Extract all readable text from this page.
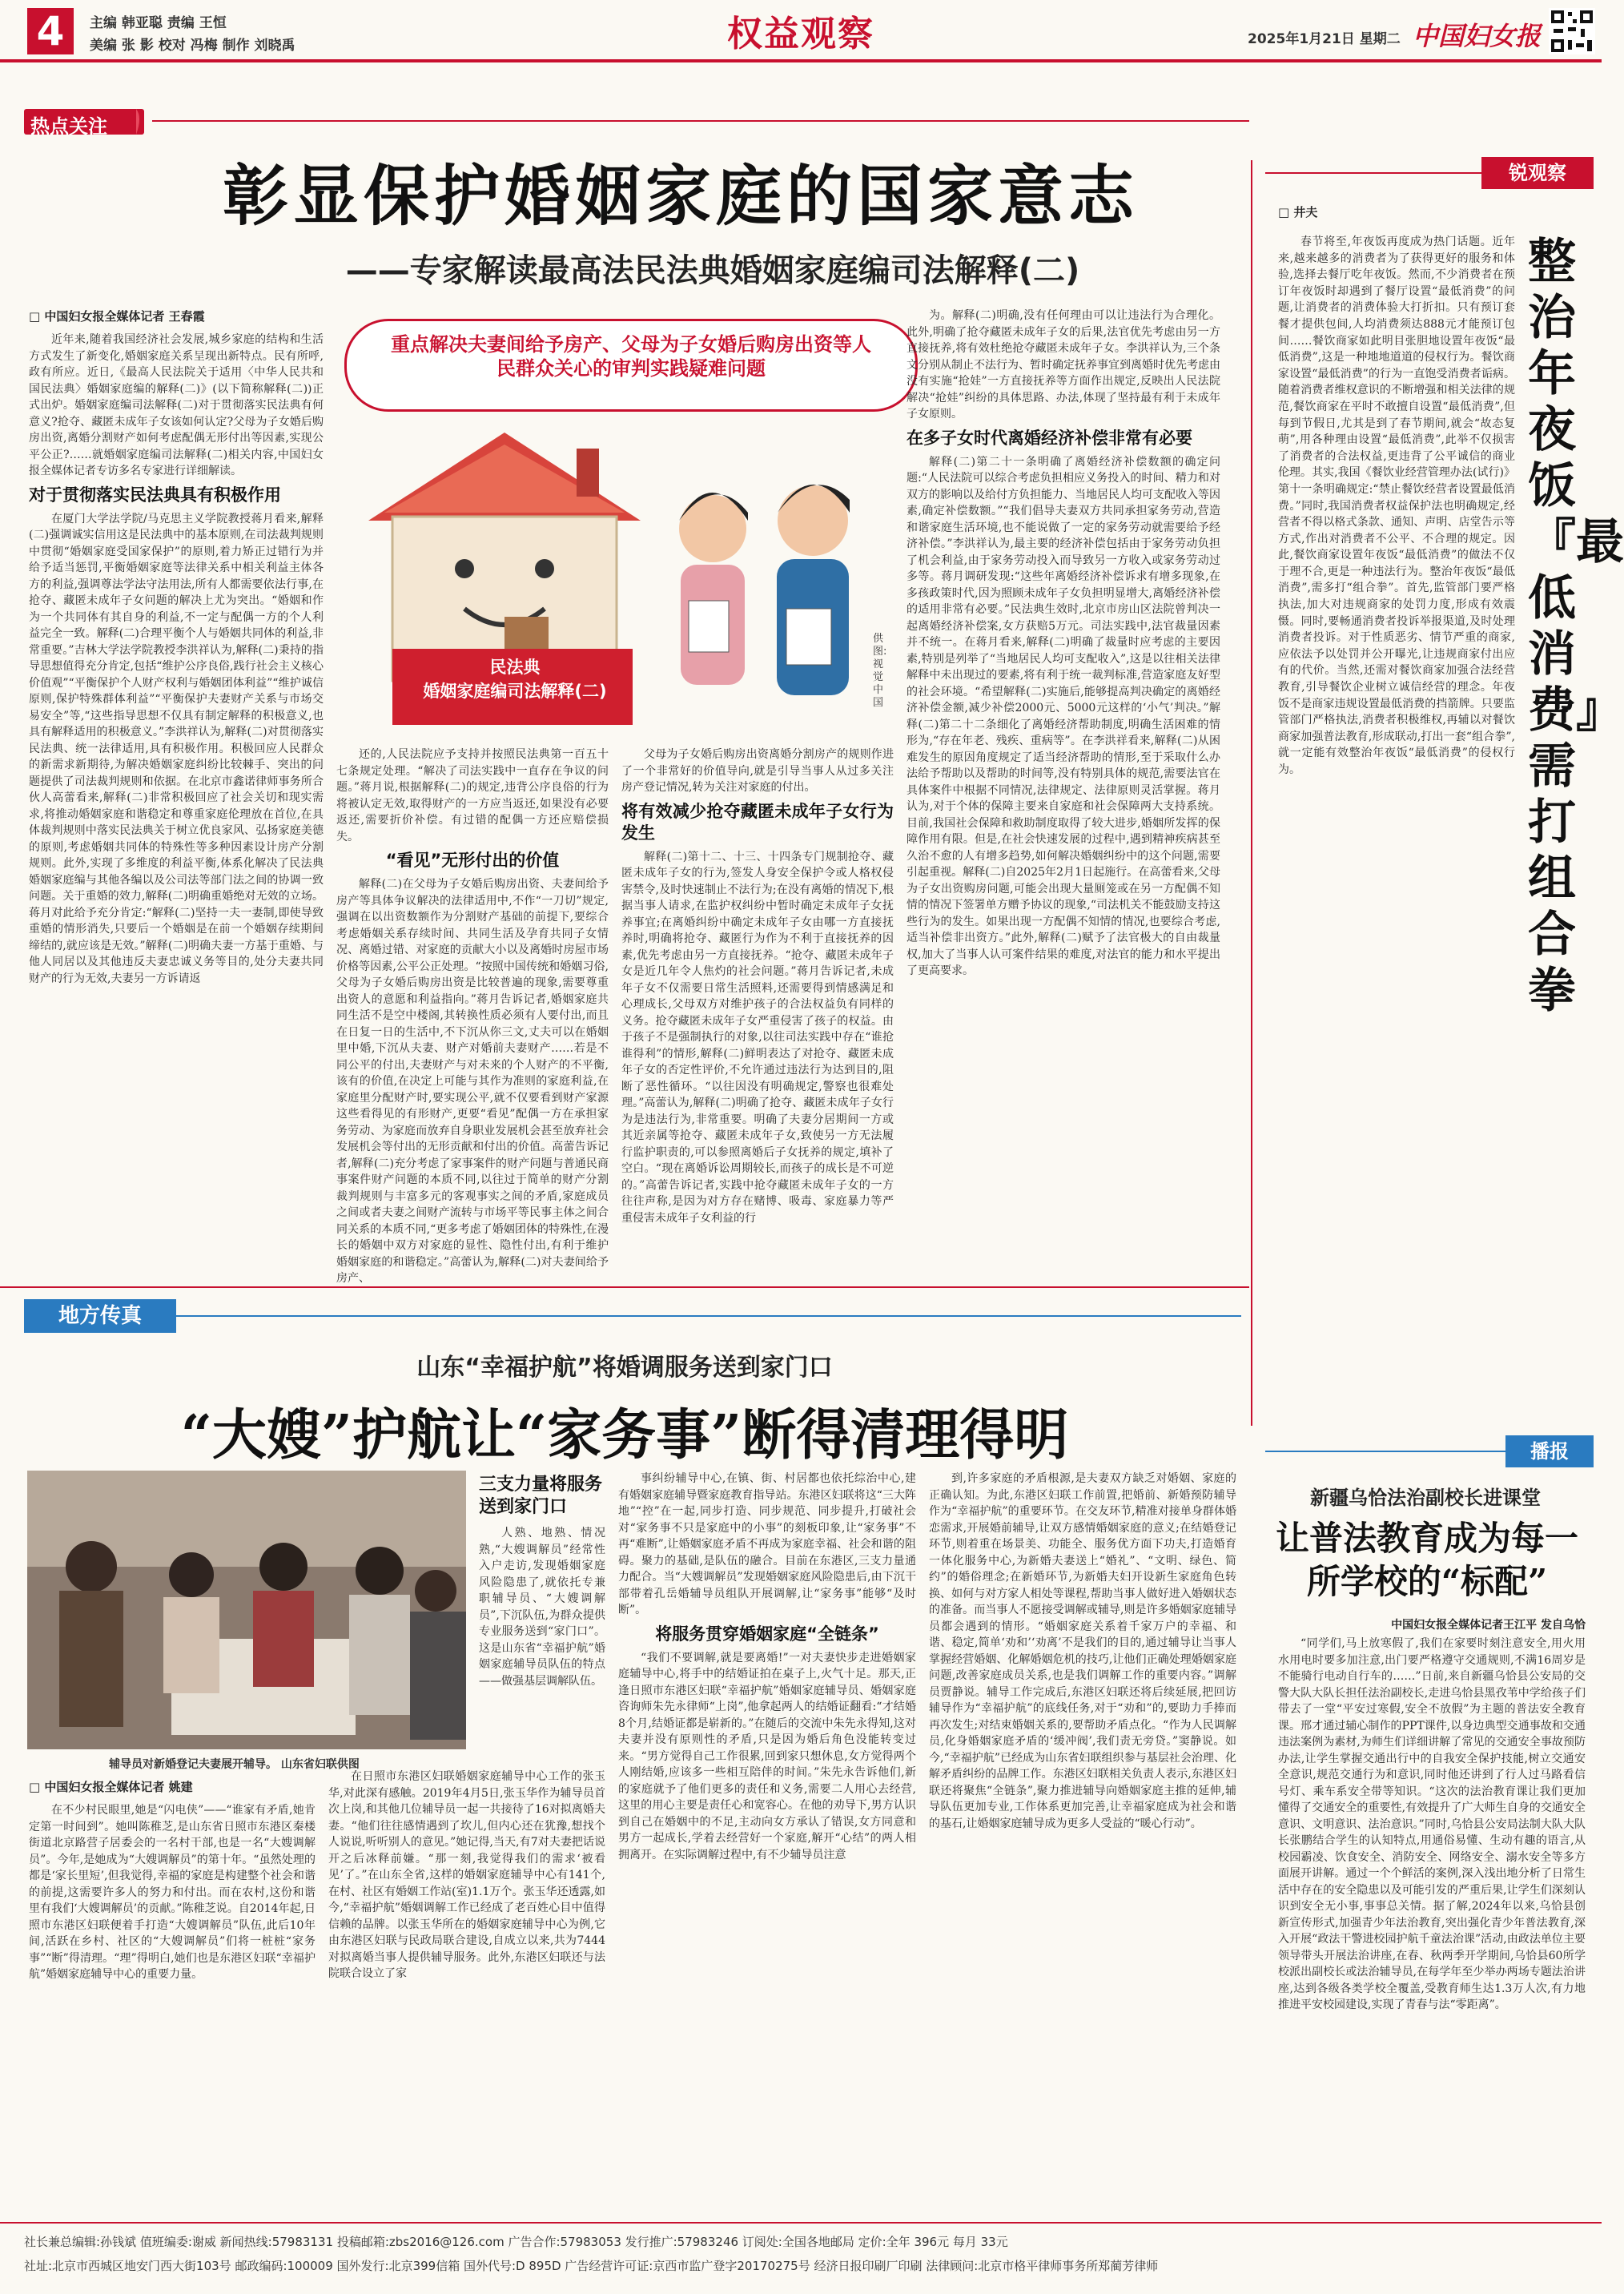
4	主编 韩亚聪 责编 王恒
美编 张 影 校对 冯梅 制作 刘晓禹	权益观察	2025年1月21日 星期二 中国妇女报
热点关注
彰显保护婚姻家庭的国家意志
——专家解读最高法民法典婚姻家庭编司法解释(二)
□ 中国妇女报全媒体记者 王春霞
重点解决夫妻间给予房产、父母为子女婚后购房出资等人民群众关心的审判实践疑难问题
民法典
婚姻家庭编司法解释(二)
供图:视觉中国

近年来,随着我国经济社会发展,城乡家庭的结构和生活方式发生了新变化,婚姻家庭关系呈现出新特点。民有所呼,政有所应。近日,《最高人民法院关于适用〈中华人民共和国民法典〉婚姻家庭编的解释(二)》(以下简称解释(二))正式出炉。婚姻家庭编司法解释(二)对于贯彻落实民法典有何意义?抢夺、藏匿未成年子女该如何认定?父母为子女婚后购房出资,离婚分割财产如何考虑配偶无形付出等因素,实现公平公正?……就婚姻家庭编司法解释(二)相关内容,中国妇女报全媒体记者专访多名专家进行详细解读。

对于贯彻落实民法典具有积极作用

在厦门大学法学院/马克思主义学院教授蒋月看来,解释(二)强调诚实信用这是民法典中的基本原则,在司法裁判规则中贯彻“婚姻家庭受国家保护”的原则,着力矫正过错行为并给予适当惩罚,平衡婚姻家庭等法律关系中相关利益主体各方的利益,强调尊法学法守法用法,所有人都需要依法行事,在抢夺、藏匿未成年子女问题的解决上尤为突出。“婚姻和作为一个共同体有其自身的利益,不一定与配偶一方的个人利益完全一致。解释(二)合理平衡个人与婚姻共同体的利益,非常重要。”吉林大学法学院教授李洪祥认为,解释(二)秉持的指导思想值得充分肯定,包括“维护公序良俗,践行社会主义核心价值观”“平衡保护个人财产权利与婚姻团体利益”“维护诚信原则,保护特殊群体利益”“平衡保护夫妻财产关系与市场交易安全”等,“这些指导思想不仅具有制定解释的积极意义,也具有解释适用的积极意义。”李洪祥认为,解释(二)对贯彻落实民法典、统一法律适用,具有积极作用。积极回应人民群众的新需求新期待,为解决婚姻家庭纠纷比较棘手、突出的问题提供了司法裁判规则和依据。在北京市鑫诺律师事务所合伙人高蕾看来,解释(二)非常积极回应了社会关切和现实需求,将推动婚姻家庭和谐稳定和尊重家庭伦理放在首位,在具体裁判规则中落实民法典关于树立优良家风、弘扬家庭美德的原则,考虑婚姻共同体的特殊性等多种因素设计房产分割规则。此外,实现了多维度的利益平衡,体系化解决了民法典婚姻家庭编与其他各编以及公司法等部门法之间的协调一致问题。关于重婚的效力,解释(二)明确重婚绝对无效的立场。蒋月对此给予充分肯定:“解释(二)坚持一夫一妻制,即使导致重婚的情形消失,只要后一个婚姻是在前一个婚姻存续期间缔结的,就应该是无效。”解释(二)明确夫妻一方基于重婚、与他人同居以及其他违反夫妻忠诚义务等目的,处分夫妻共同财产的行为无效,夫妻另一方诉请返

还的,人民法院应予支持并按照民法典第一百五十七条规定处理。“解决了司法实践中一直存在争议的问题。”蒋月说,根据解释(二)的规定,违背公序良俗的行为将被认定无效,取得财产的一方应当返还,如果没有必要返还,需要折价补偿。有过错的配偶一方还应赔偿损失。

“看见”无形付出的价值

解释(二)在父母为子女婚后购房出资、夫妻间给予房产等具体争议解决的法律适用中,不作“一刀切”规定,强调在以出资数额作为分割财产基础的前提下,要综合考虑婚姻关系存续时间、共同生活及孕育共同子女情况、离婚过错、对家庭的贡献大小以及离婚时房屋市场价格等因素,公平公正处理。“按照中国传统和婚姻习俗,父母为子女婚后购房出资是比较普遍的现象,需要尊重出资人的意愿和利益指向。”蒋月告诉记者,婚姻家庭共同生活不是空中楼阁,其转换性质必须有人要付出,而且在日复一日的生活中,不下沉从你三文,丈夫可以在婚姻里中婚,下沉从夫妻、财产对婚前夫妻财产……若是不同公平的付出,夫妻财产与对未来的个人财产的不平衡,该有的价值,在决定上可能与其作为准则的家庭利益,在家庭里分配财产时,要实现公平,就不仅要看到财产家源这些看得见的有形财产,更要“看见”配偶一方在承担家务劳动、为家庭而放弃自身职业发展机会甚至放弃社会发展机会等付出的无形贡献和付出的价值。高蕾告诉记者,解释(二)充分考虑了家事案件的财产问题与普通民商事案件财产问题的本质不同,以往过于简单的财产分割裁判规则与丰富多元的客观事实之间的矛盾,家庭成员之间或者夫妻之间财产流转与市场平等民事主体之间合同关系的本质不同,“更多考虑了婚姻团体的特殊性,在漫长的婚姻中双方对家庭的显性、隐性付出,有利于维护婚姻家庭的和谐稳定。”高蕾认为,解释(二)对夫妻间给予房产、

父母为子女婚后购房出资离婚分割房产的规则作进了一个非常好的价值导向,就是引导当事人从过多关注房产登记情况,转为关注对家庭的付出。

将有效减少抢夺藏匿未成年子女行为发生

解释(二)第十二、十三、十四条专门规制抢夺、藏匿未成年子女的行为,签发人身安全保护令或人格权侵害禁令,及时快速制止不法行为;在没有离婚的情况下,根据当事人请求,在监护权纠纷中暂时确定未成年子女抚养事宜;在离婚纠纷中确定未成年子女由哪一方直接抚养时,明确将抢夺、藏匿行为作为不利于直接抚养的因素,优先考虑由另一方直接抚养。“抢夺、藏匿未成年子女是近几年令人焦灼的社会问题。”蒋月告诉记者,未成年子女不仅需要日常生活照料,还需要得到情感满足和心理成长,父母双方对维护孩子的合法权益负有同样的义务。抢夺藏匿未成年子女严重侵害了孩子的权益。由于孩子不是强制执行的对象,以往司法实践中存在“谁抢谁得利”的情形,解释(二)鲜明表达了对抢夺、藏匿未成年子女的否定性评价,不允许通过违法行为达到目的,阻断了恶性循环。“以往因没有明确规定,警察也很难处理。”高蕾认为,解释(二)明确了抢夺、藏匿未成年子女行为是违法行为,非常重要。明确了夫妻分居期间一方或其近亲属等抢夺、藏匿未成年子女,致使另一方无法履行监护职责的,可以参照离婚后子女抚养的规定,填补了空白。“现在离婚诉讼周期较长,而孩子的成长是不可逆的。”高蕾告诉记者,实践中抢夺藏匿未成年子女的一方往往声称,是因为对方存在赌博、吸毒、家庭暴力等严重侵害未成年子女利益的行

为。解释(二)明确,没有任何理由可以让违法行为合理化。此外,明确了抢夺藏匿未成年子女的后果,法官优先考虑由另一方直接抚养,将有效杜绝抢夺藏匿未成年子女。李洪祥认为,三个条文分别从制止不法行为、暂时确定抚养事宜到离婚时优先考虑由没有实施“抢娃”一方直接抚养等方面作出规定,反映出人民法院解决“抢娃”纠纷的具体思路、办法,体现了坚持最有利于未成年子女原则。

在多子女时代离婚经济补偿非常有必要

解释(二)第二十一条明确了离婚经济补偿数额的确定问题:“人民法院可以综合考虑负担相应义务投入的时间、精力和对双方的影响以及给付方负担能力、当地居民人均可支配收入等因素,确定补偿数额。”“我们倡导夫妻双方共同承担家务劳动,营造和谐家庭生活环境,也不能说做了一定的家务劳动就需要给予经济补偿。”李洪祥认为,最主要的经济补偿包括由于家务劳动负担了机会利益,由于家务劳动投入而导致另一方收入或家务劳动过多等。蒋月调研发现:“这些年离婚经济补偿诉求有增多现象,在多孩政策时代,因为照顾未成年子女负担明显增大,离婚经济补偿的适用非常有必要。”民法典生效时,北京市房山区法院曾判决一起离婚经济补偿案,女方获赔5万元。司法实践中,法官裁量因素并不统一。在蒋月看来,解释(二)明确了裁量时应考虑的主要因素,特别是列举了“当地居民人均可支配收入”,这是以往相关法律解释中未出现过的要素,将有利于统一裁判标准,营造家庭友好型的社会环境。“希望解释(二)实施后,能够提高判决确定的离婚经济补偿金额,减少补偿2000元、5000元这样的‘小气’判决。”解释(二)第二十二条细化了离婚经济帮助制度,明确生活困难的情形为,“存在年老、残疾、重病等”。在李洪祥看来,解释(二)从困难发生的原因角度规定了适当经济帮助的情形,至于采取什么办法给予帮助以及帮助的时间等,没有特别具体的规范,需要法官在具体案件中根据不同情况,法律规定、法律原则灵活掌握。蒋月认为,对于个体的保障主要来自家庭和社会保障两大支持系统。目前,我国社会保障和救助制度取得了较大进步,婚姻所发挥的保障作用有限。但是,在社会快速发展的过程中,遇到精神疾病甚至久治不愈的人有增多趋势,如何解决婚姻纠纷中的这个问题,需要引起重视。解释(二)自2025年2月1日起施行。在高蕾看来,父母为子女出资购房问题,可能会出现大量厕笼或在另一方配偶不知情的情况下签署单方赠予协议的现象,“司法机关不能鼓励支持这些行为的发生。如果出现一方配偶不知情的情况,也要综合考虑,适当补偿非出资方。”此外,解释(二)赋予了法官极大的自由裁量权,加大了当事人认可案件结果的难度,对法官的能力和水平提出了更高要求。

锐观察
□ 井夫
整治年夜饭『最低消费』需打组合拳
春节将至,年夜饭再度成为热门话题。近年来,越来越多的消费者为了获得更好的服务和体验,选择去餐厅吃年夜饭。然而,不少消费者在预订年夜饭时却遇到了餐厅设置“最低消费”的问题,让消费者的消费体验大打折扣。只有预订套餐才提供包间,人均消费须达888元才能预订包间……餐饮商家如此明目张胆地设置年夜饭“最低消费”,这是一种地地道道的侵权行为。餐饮商家设置“最低消费”的行为一直饱受消费者诟病。随着消费者维权意识的不断增强和相关法律的规范,餐饮商家在平时不敢擅自设置“最低消费”,但每到节假日,尤其是到了春节期间,就会“故态复萌”,用各种理由设置“最低消费”,此举不仅损害了消费者的合法权益,更违背了公平诚信的商业伦理。其实,我国《餐饮业经营管理办法(试行)》第十一条明确规定:“禁止餐饮经营者设置最低消费。”同时,我国消费者权益保护法也明确规定,经营者不得以格式条款、通知、声明、店堂告示等方式,作出对消费者不公平、不合理的规定。因此,餐饮商家设置年夜饭“最低消费”的做法不仅于理不合,更是一种违法行为。整治年夜饭“最低消费”,需多打“组合拳”。首先,监管部门要严格执法,加大对违规商家的处罚力度,形成有效震慑。同时,要畅通消费者投诉举报渠道,及时处理消费者投诉。对于性质恶劣、情节严重的商家,应依法予以处罚并公开曝光,让违规商家付出应有的代价。当然,还需对餐饮商家加强合法经营教育,引导餐饮企业树立诚信经营的理念。年夜饭不是商家违规设置最低消费的挡箭牌。只要监管部门严格执法,消费者积极维权,再辅以对餐饮商家加强普法教育,形成联动,打出一套“组合拳”,就一定能有效整治年夜饭“最低消费”的侵权行为。
地方传真
山东“幸福护航”将婚调服务送到家门口
“大嫂”护航让“家务事”断得清理得明
辅导员对新婚登记夫妻展开辅导。 山东省妇联供图
三支力量将服务送到家门口
人熟、地熟、情况熟,“大嫂调解员”经常性入户走访,发现婚姻家庭风险隐患了,就依托专兼职辅导员、“大嫂调解员”,下沉队伍,为群众提供专业服务送到“家门口”。这是山东省“幸福护航”婚姻家庭辅导员队伍的特点——做强基层调解队伍。
□ 中国妇女报全媒体记者 姚建

在不少村民眼里,她是“闪电侠”——“谁家有矛盾,她肯定第一时间到”。她叫陈稚芝,是山东省日照市东港区秦楼街道北京路营子居委会的一名村干部,也是一名“大嫂调解员”。今年,是她成为“大嫂调解员”的第十年。“虽然处理的都是‘家长里短’,但我觉得,幸福的家庭是构建整个社会和谐的前提,这需要许多人的努力和付出。而在农村,这份和谐里有我们‘大嫂调解员’的贡献。”陈稚芝说。自2014年起,日照市东港区妇联便着手打造“大嫂调解员”队伍,此后10年间,活跃在乡村、社区的“大嫂调解员”们将一桩桩“家务事”“断”得清理。“理”得明白,她们也是东港区妇联“幸福护航”婚姻家庭辅导中心的重要力量。

在日照市东港区妇联婚姻家庭辅导中心工作的张玉华,对此深有感触。2019年4月5日,张玉华作为辅导员首次上岗,和其他几位辅导员一起一共接待了16对拟离婚夫妻。“他们往往感情遇到了坎儿,但内心还在犹豫,想找个人说说,听听别人的意见。”她记得,当天,有7对夫妻把话说开之后冰释前嫌。“那一刻,我觉得我们的需求‘被看见’了。”在山东全省,这样的婚姻家庭辅导中心有141个,在村、社区有婚姻工作站(室)1.1万个。张玉华还透露,如今,“幸福护航”婚姻调解工作已经成了老百姓心目中值得信赖的品牌。以张玉华所在的婚姻家庭辅导中心为例,它由东港区妇联与民政局联合建设,自成立以来,共为7444对拟离婚当事人提供辅导服务。此外,东港区妇联还与法院联合设立了家

事纠纷辅导中心,在镇、街、村居都也依托综治中心,建有婚姻家庭辅导暨家庭教育指导站。东港区妇联将这“三大阵地”“控”在一起,同步打造、同步规范、同步提升,打破社会对“家务事不只是家庭中的小事”的刻板印象,让“家务事”不再“难断”,让婚姻家庭矛盾不再成为家庭幸福、社会和谐的阻碍。聚力的基础,是队伍的融合。目前在东港区,三支力量通力配合。当“大嫂调解员”发现婚姻家庭风险隐患后,由下沉干部带着孔岳婚辅导员组队开展调解,让“家务事”能够“及时断”。

将服务贯穿婚姻家庭“全链条”

“我们不要调解,就是要离婚!”一对夫妻快步走进婚姻家庭辅导中心,将手中的结婚证拍在桌子上,火气十足。那天,正逢日照市东港区妇联“幸福护航”婚姻家庭辅导员、婚姻家庭咨询师朱先永律师“上岗”,他拿起两人的结婚证翻看:“才结婚8个月,结婚证都是崭新的。”在随后的交流中朱先永得知,这对夫妻并没有原则性的矛盾,只是因为婚后角色没能转变过来。“男方觉得自己工作很累,回到家只想休息,女方觉得两个人刚结婚,应该多一些相互陪伴的时间。”朱先永告诉他们,新的家庭就予了他们更多的责任和义务,需要二人用心去经营,这里的用心主要是责任心和宽容心。在他的劝导下,男方认识到自己在婚姻中的不足,主动向女方承认了错误,女方同意和男方一起成长,学着去经营好一个家庭,解开“心结”的两人相拥离开。在实际调解过程中,有不少辅导员注意

到,许多家庭的矛盾根源,是夫妻双方缺乏对婚姻、家庭的正确认知。为此,东港区妇联工作前置,把婚前、新婚预防辅导作为“幸福护航”的重要环节。在交友环节,精准对接单身群体婚恋需求,开展婚前辅导,让双方感情婚姻家庭的意义;在结婚登记环节,则着重在场景美、功能全、服务优方面下功夫,打造婚育一体化服务中心,为新婚夫妻送上“婚礼”、“文明、绿色、简约”的婚俗理念;在新婚环节,为新婚夫妇开设新生家庭角色转换、如何与对方家人相处等课程,帮助当事人做好进入婚姻状态的准备。而当事人不愿接受调解或辅导,则是许多婚姻家庭辅导员都会遇到的情形。“婚姻家庭关系着千家万户的幸福、和谐、稳定,简单‘劝和’‘劝离’不是我们的目的,通过辅导让当事人掌握经营婚姻、化解婚姻危机的技巧,让他们正确处理婚姻家庭问题,改善家庭成员关系,也是我们调解工作的重要内容。”调解员贾静说。辅导工作完成后,东港区妇联还将后续延展,把回访辅导作为“幸福护航”的底线任务,对于“劝和”的,要助力手捧而再次发生;对结束婚姻关系的,要帮助矛盾点化。“作为人民调解员,化身婚姻家庭矛盾的‘缓冲阀’,我们责无旁贷。”窦静说。如今,“幸福护航”已经成为山东省妇联组织参与基层社会治理、化解矛盾纠纷的品牌工作。东港区妇联相关负责人表示,东港区妇联还将聚焦“全链条”,聚力推进辅导向婚姻家庭主推的延伸,辅导队伍更加专业,工作体系更加完善,让幸福家庭成为社会和谐的基石,让婚姻家庭辅导成为更多人受益的“暖心行动”。

播报
新疆乌恰法治副校长进课堂
让普法教育成为每一所学校的“标配”
中国妇女报全媒体记者王江平 发自乌恰
“同学们,马上放寒假了,我们在家要时刻注意安全,用火用水用电时要多加注意,出门要严格遵守交通规则,不满16周岁是不能骑行电动自行车的……”日前,来自新疆乌恰县公安局的交警大队大队长担任法治副校长,走进乌恰县黑孜苇中学给孩子们带去了一堂“平安过寒假,安全不放假”为主题的普法安全教育课。邢才通过辅心制作的PPT课件,以身边典型交通事故和交通违法案例为素材,为师生们详细讲解了常见的交通安全事故预防办法,让学生掌握交通出行中的自我安全保护技能,树立交通安全意识,规范交通行为和意识,同时他还讲到了行人过马路看信号灯、乘车系安全带等知识。“这次的法治教育课让我们更加懂得了交通安全的重要性,有效提升了广大师生自身的交通安全意识、文明意识、法治意识。”同时,乌恰县公安局法制大队大队长张鹏结合学生的认知特点,用通俗易懂、生动有趣的语言,从校园霸凌、饮食安全、消防安全、网络安全、溺水安全等多方面展开讲解。通过一个个鲜活的案例,深入浅出地分析了日常生活中存在的安全隐患以及可能引发的严重后果,让学生们深刻认识到安全无小事,事事总关情。据了解,2024年以来,乌恰县创新宣传形式,加强青少年法治教育,突出强化青少年普法教育,深入开展“政法干警进校园护航千童法治课”活动,由政法单位主要领导带头开展法治讲座,在春、秋两季开学期间,乌恰县60所学校派出副校长或法治辅导员,在每学年至少举办两场专题法治讲座,达到各级各类学校全覆盖,受教育师生达1.3万人次,有力地推进平安校园建设,实现了青春与法“零距离”。
社长兼总编辑:孙钱斌 值班编委:谢威 新闻热线:57983131 投稿邮箱:zbs2016@126.com 广告合作:57983053 发行推广:57983246 订阅处:全国各地邮局 定价:全年 396元 每月 33元
社址:北京市西城区地安门西大街103号 邮政编码:100009 国外发行:北京399信箱 国外代号:D 895D 广告经营许可证:京西市监广登字20170275号 经济日报印刷厂印刷 法律顾问:北京市格平律师事务所郑蔺芳律师
